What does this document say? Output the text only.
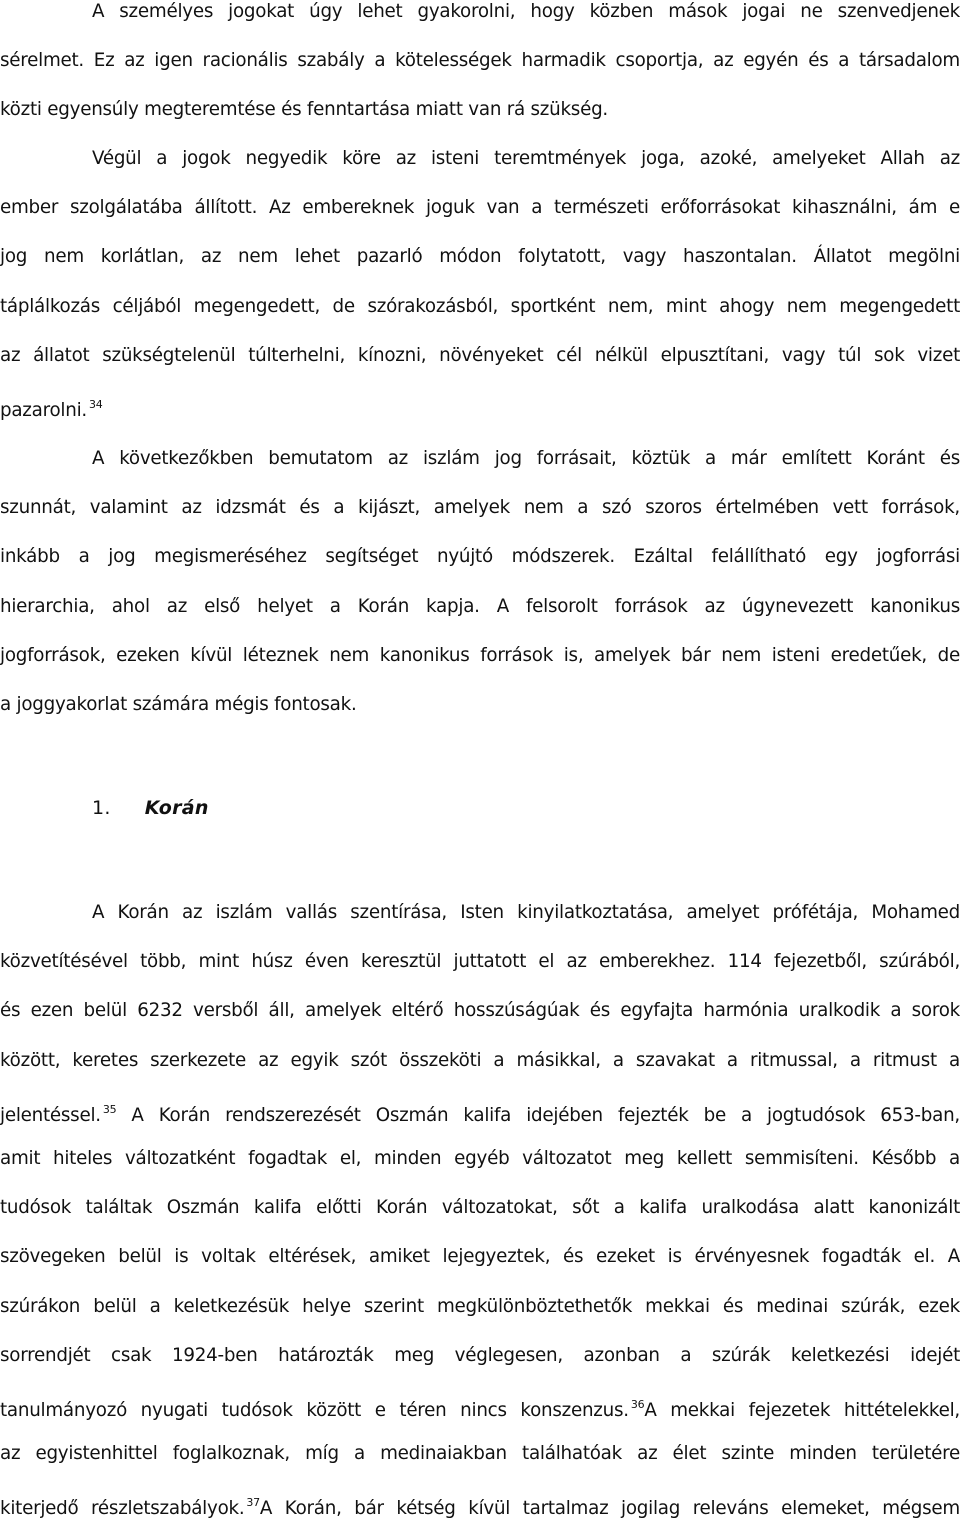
A személyes jogokat úgy lehet gyakorolni, hogy közben mások jogai ne szenvedjenek
sérelmet. Ez az igen racionális szabály a kötelességek harmadik csoportja, az egyén és a társadalom
közti egyensúly megteremtése és fenntartása miatt van rá szükség.
Végül a jogok negyedik köre az isteni teremtmények joga, azoké, amelyeket Allah az
ember szolgálatába állított. Az embereknek joguk van a természeti erőforrásokat kihasználni, ám e
jog nem korlátlan, az nem lehet pazarló módon folytatott, vagy haszontalan. Állatot megölni
táplálkozás céljából megengedett, de szórakozásból, sportként nem, mint ahogy nem megengedett
az állatot szükségtelenül túlterhelni, kínozni, növényeket cél nélkül elpusztítani, vagy túl sok vizet
pazarolni. $^{34}$
A következőkben bemutatom az iszlám jog forrásait, köztük a már említett Koránt és
szunnát, valamint az idzsmát és a kijászt, amelyek nem a szó szoros értelmében vett források,
inkább a jog megismeréséhez segítséget nyújtó módszerek. Ezáltal felállítható egy jogforrási
hierarchia, ahol az első helyet a Korán kapja. A felsorolt források az úgynevezett kanonikus
jogforrások, ezeken kívül léteznek nem kanonikus források is, amelyek bár nem isteni eredetűek, de
a joggyakorlat számára mégis fontosak.
1. Korán
A Korán az iszlám vallás szentírása, Isten kinyilatkoztatása, amelyet prófétája, Mohamed
közvetítésével több, mint húsz éven keresztül juttatott el az emberekhez. 114 fejezetből, szúrából,
és ezen belül 6232 versből áll, amelyek eltérő hosszúságúak és egyfajta harmónia uralkodik a sorok
között, keretes szerkezete az egyik szót összeköti a másikkal, a szavakat a ritmussal, a ritmust a
jelentéssel. $^{35}$ A Korán rendszerezését Oszmán kalifa idejében fejezték be a jogtudósok 653-ban,
amit hiteles változatként fogadtak el, minden egyéb változatot meg kellett semmisíteni. Később a
tudósok találtak Oszmán kalifa előtti Korán változatokat, sőt a kalifa uralkodása alatt kanonizált
szövegeken belül is voltak eltérések, amiket lejegyeztek, és ezeket is érvényesnek fogadták el. A
szúrákon belül a keletkezésük helye szerint megkülönböztethetők mekkai és medinai szúrák, ezek
sorrendjét csak 1924-ben határozták meg véglegesen, azonban a szúrák keletkezési idejét
tanulmányozó nyugati tudósok között e téren nincs konszenzus. $^{36}$A mekkai fejezetek hittételekkel,
az egyistenhittel foglalkoznak, míg a medinaiakban találhatóak az élet szinte minden területére
kiterjedő részletszabályok. $^{37}$A Korán, bár kétség kívül tartalmaz jogilag releváns elemeket, mégsem
